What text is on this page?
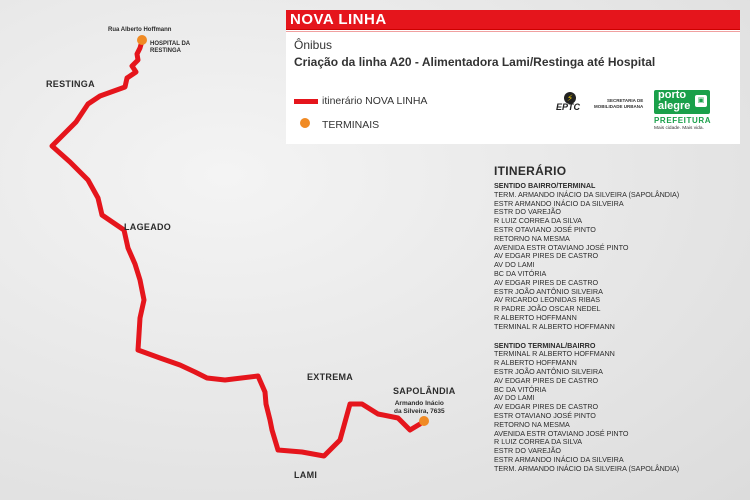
Rua Alberto Hoffmann
HOSPITAL DA
RESTINGA
RESTINGA
LAGEADO
EXTREMA
SAPOLÂNDIA
LAMI
Armando Inácio
da Silveira, 7635
NOVA LINHA
Ônibus
Criação da linha A20 - Alimentadora Lami/Restinga até Hospital
itinerário NOVA LINHA
TERMINAIS
⚡
EPTC
SECRETARIA DE
MOBILIDADE URBANA
porto
alegre	▣
PREFEITURA
Mais cidade. Mais vida.
ITINERÁRIO
SENTIDO BAIRRO/TERMINAL
TERM. ARMANDO INÁCIO DA SILVEIRA (SAPOLÂNDIA)
ESTR ARMANDO INÁCIO DA SILVEIRA
ESTR DO VAREJÃO
R LUIZ CORREA DA SILVA
ESTR OTAVIANO JOSÉ PINTO
RETORNO NA MESMA
AVENIDA ESTR OTAVIANO JOSÉ PINTO
AV EDGAR PIRES DE CASTRO
AV DO LAMI
BC DA VITÓRIA
AV EDGAR PIRES DE CASTRO
ESTR JOÃO ANTÔNIO SILVEIRA
AV RICARDO LEONIDAS RIBAS
R PADRE JOÃO OSCAR NEDEL
R ALBERTO HOFFMANN
TERMINAL R ALBERTO HOFFMANN
SENTIDO TERMINAL/BAIRRO
TERMINAL R ALBERTO HOFFMANN
R ALBERTO HOFFMANN
ESTR JOÃO ANTÔNIO SILVEIRA
AV EDGAR PIRES DE CASTRO
BC DA VITÓRIA
AV DO LAMI
AV EDGAR PIRES DE CASTRO
ESTR OTAVIANO JOSÉ PINTO
RETORNO NA MESMA
AVENIDA ESTR OTAVIANO JOSÉ PINTO
R LUIZ CORREA DA SILVA
ESTR DO VAREJÃO
ESTR ARMANDO INÁCIO DA SILVEIRA
TERM. ARMANDO INÁCIO DA SILVEIRA (SAPOLÂNDIA)
